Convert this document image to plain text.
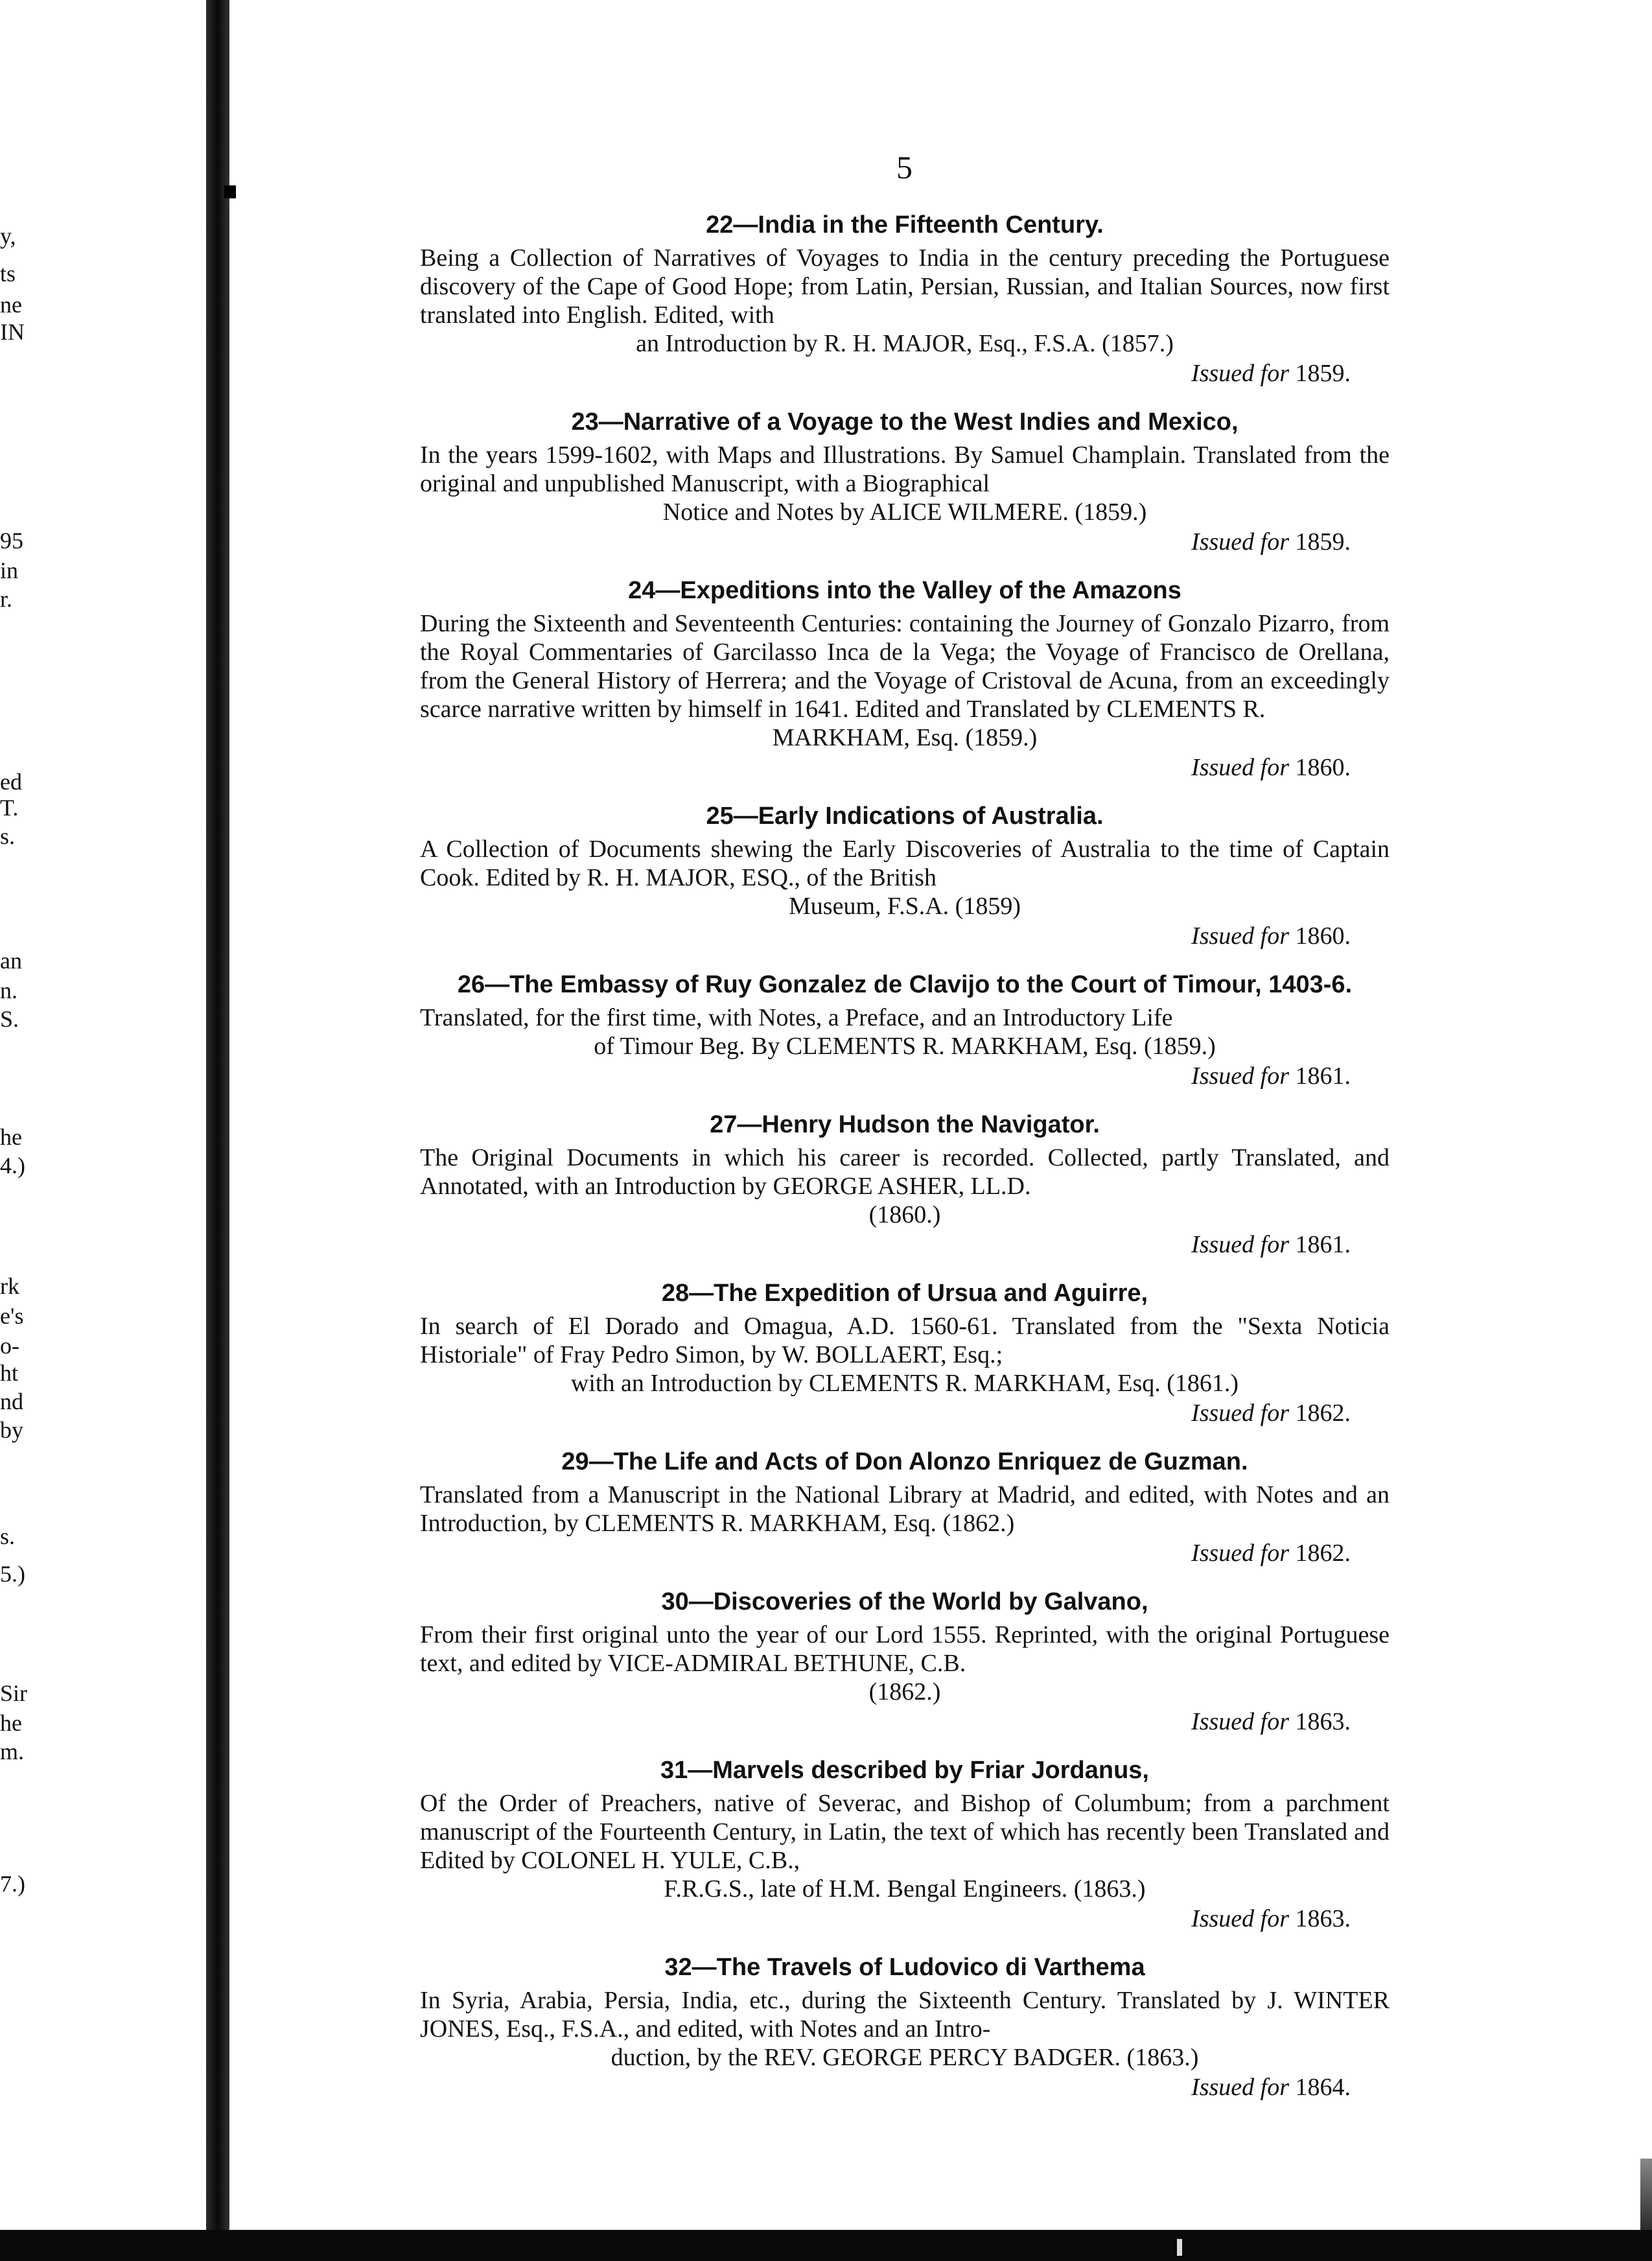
y,
ts
ne
IN
95
in
r.
ed
T.
s.
an
n.
S.
he
4.)
rk
e's
o-
ht
nd
by
s.
5.)
Sir
he
m.
7.)
5
22—India in the Fifteenth Century.
Being a Collection of Narratives of Voyages to India in the century preceding the Portuguese discovery of the Cape of Good Hope; from Latin, Persian, Russian, and Italian Sources, now first translated into English. Edited, with
an Introduction by R. H. MAJOR, Esq., F.S.A. (1857.)
Issued for 1859.
23—Narrative of a Voyage to the West Indies and Mexico,
In the years 1599-1602, with Maps and Illustrations. By Samuel Champlain. Translated from the original and unpublished Manuscript, with a Biographical
Notice and Notes by ALICE WILMERE. (1859.)
Issued for 1859.
24—Expeditions into the Valley of the Amazons
During the Sixteenth and Seventeenth Centuries: containing the Journey of Gonzalo Pizarro, from the Royal Commentaries of Garcilasso Inca de la Vega; the Voyage of Francisco de Orellana, from the General History of Herrera; and the Voyage of Cristoval de Acuna, from an exceedingly scarce narrative written by himself in 1641. Edited and Translated by CLEMENTS R.
MARKHAM, Esq. (1859.)
Issued for 1860.
25—Early Indications of Australia.
A Collection of Documents shewing the Early Discoveries of Australia to the time of Captain Cook. Edited by R. H. MAJOR, ESQ., of the British
Museum, F.S.A. (1859)
Issued for 1860.
26—The Embassy of Ruy Gonzalez de Clavijo to the Court of Timour, 1403-6.
Translated, for the first time, with Notes, a Preface, and an Introductory Life
of Timour Beg. By CLEMENTS R. MARKHAM, Esq. (1859.)
Issued for 1861.
27—Henry Hudson the Navigator.
The Original Documents in which his career is recorded. Collected, partly Translated, and Annotated, with an Introduction by GEORGE ASHER, LL.D.
(1860.)
Issued for 1861.
28—The Expedition of Ursua and Aguirre,
In search of El Dorado and Omagua, A.D. 1560-61. Translated from the "Sexta Noticia Historiale" of Fray Pedro Simon, by W. BOLLAERT, Esq.;
with an Introduction by CLEMENTS R. MARKHAM, Esq. (1861.)
Issued for 1862.
29—The Life and Acts of Don Alonzo Enriquez de Guzman.
Translated from a Manuscript in the National Library at Madrid, and edited, with Notes and an Introduction, by CLEMENTS R. MARKHAM, Esq. (1862.)
Issued for 1862.
30—Discoveries of the World by Galvano,
From their first original unto the year of our Lord 1555. Reprinted, with the original Portuguese text, and edited by VICE-ADMIRAL BETHUNE, C.B.
(1862.)
Issued for 1863.
31—Marvels described by Friar Jordanus,
Of the Order of Preachers, native of Severac, and Bishop of Columbum; from a parchment manuscript of the Fourteenth Century, in Latin, the text of which has recently been Translated and Edited by COLONEL H. YULE, C.B.,
F.R.G.S., late of H.M. Bengal Engineers. (1863.)
Issued for 1863.
32—The Travels of Ludovico di Varthema
In Syria, Arabia, Persia, India, etc., during the Sixteenth Century. Translated by J. WINTER JONES, Esq., F.S.A., and edited, with Notes and an Intro-
duction, by the REV. GEORGE PERCY BADGER. (1863.)
Issued for 1864.
